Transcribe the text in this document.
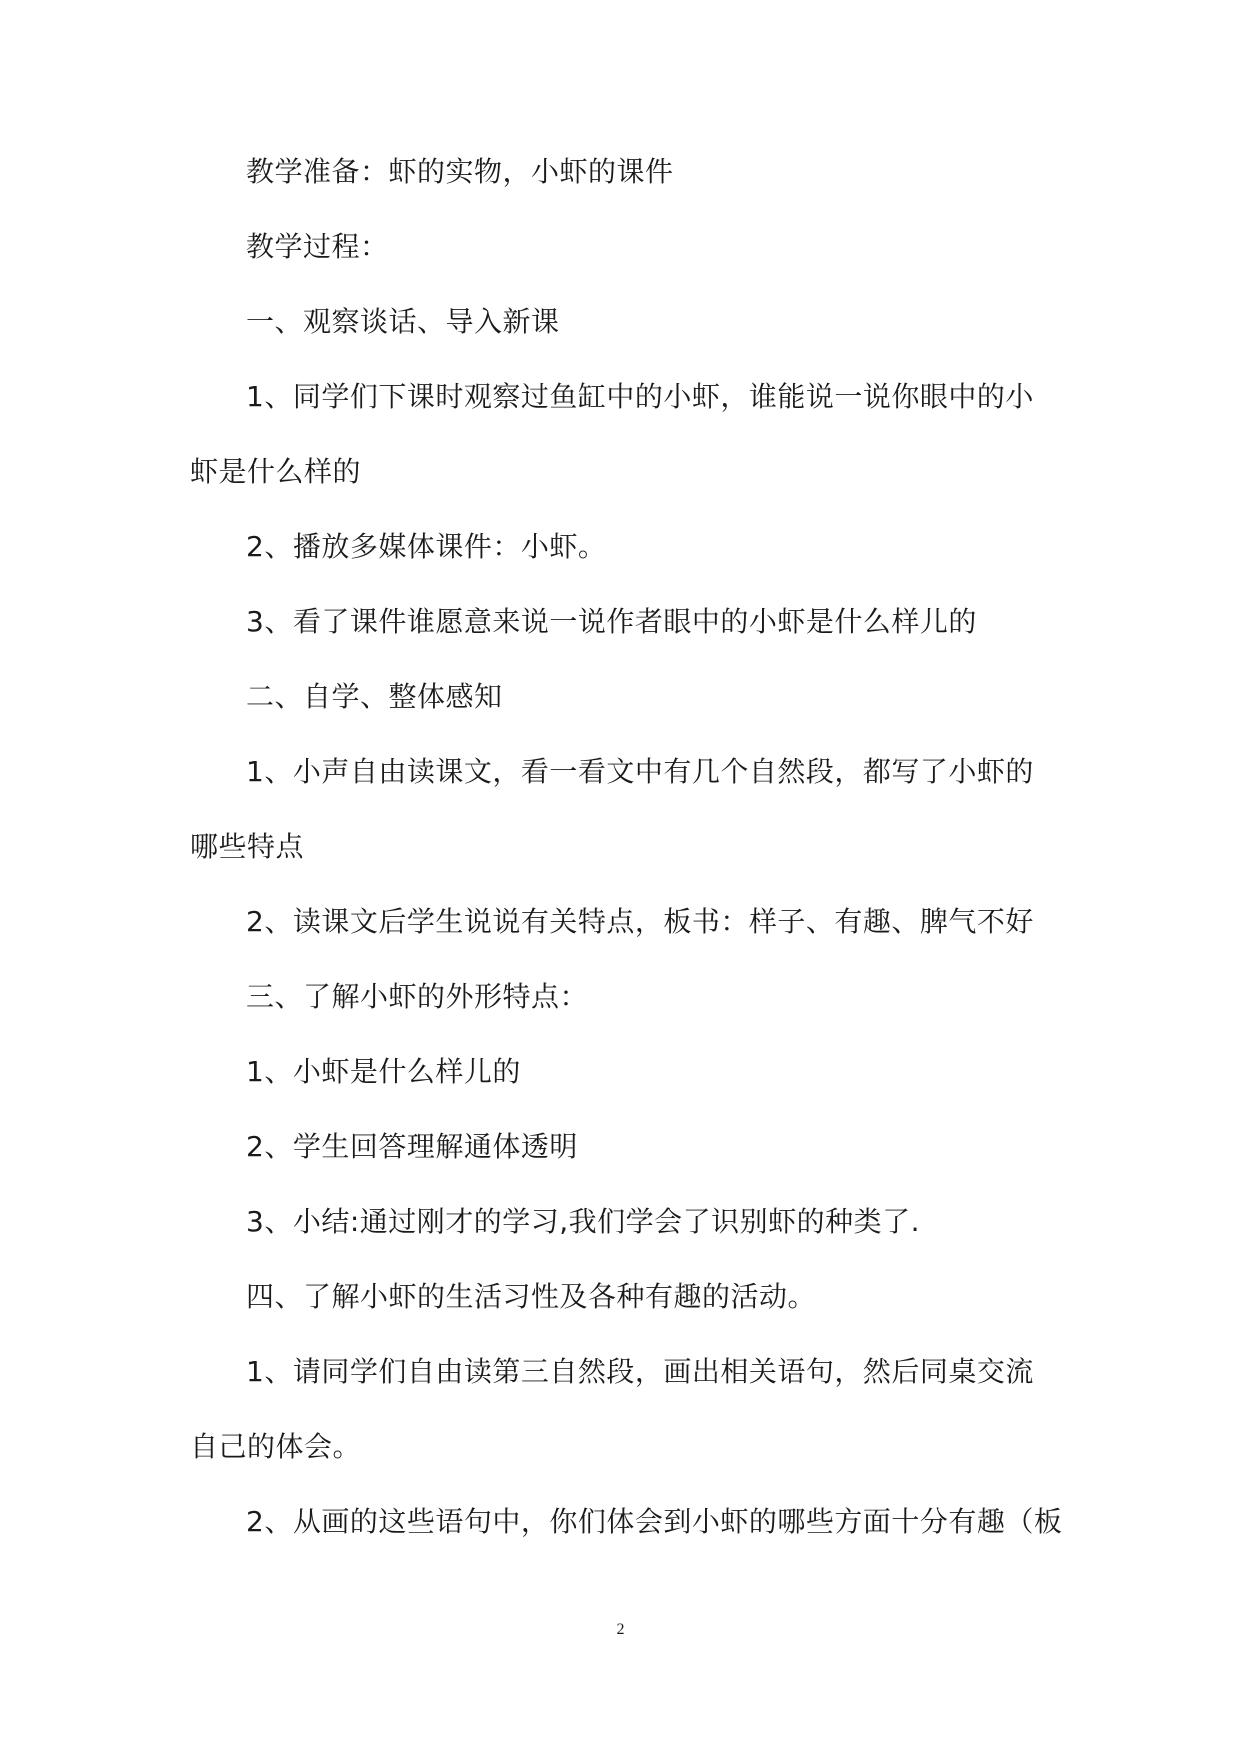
教学准备：虾的实物，小虾的课件
教学过程：
一、观察谈话、导入新课
1、同学们下课时观察过鱼缸中的小虾，谁能说一说你眼中的小
虾是什么样的
2、播放多媒体课件：小虾。
3、看了课件谁愿意来说一说作者眼中的小虾是什么样儿的
二、自学、整体感知
1、小声自由读课文，看一看文中有几个自然段，都写了小虾的
哪些特点
2、读课文后学生说说有关特点，板书：样子、有趣、脾气不好
三、了解小虾的外形特点：
1、小虾是什么样儿的
2、学生回答理解通体透明
3、小结:通过刚才的学习,我们学会了识别虾的种类了.
四、了解小虾的生活习性及各种有趣的活动。
1、请同学们自由读第三自然段，画出相关语句，然后同桌交流
自己的体会。
2、从画的这些语句中，你们体会到小虾的哪些方面十分有趣（板
2
